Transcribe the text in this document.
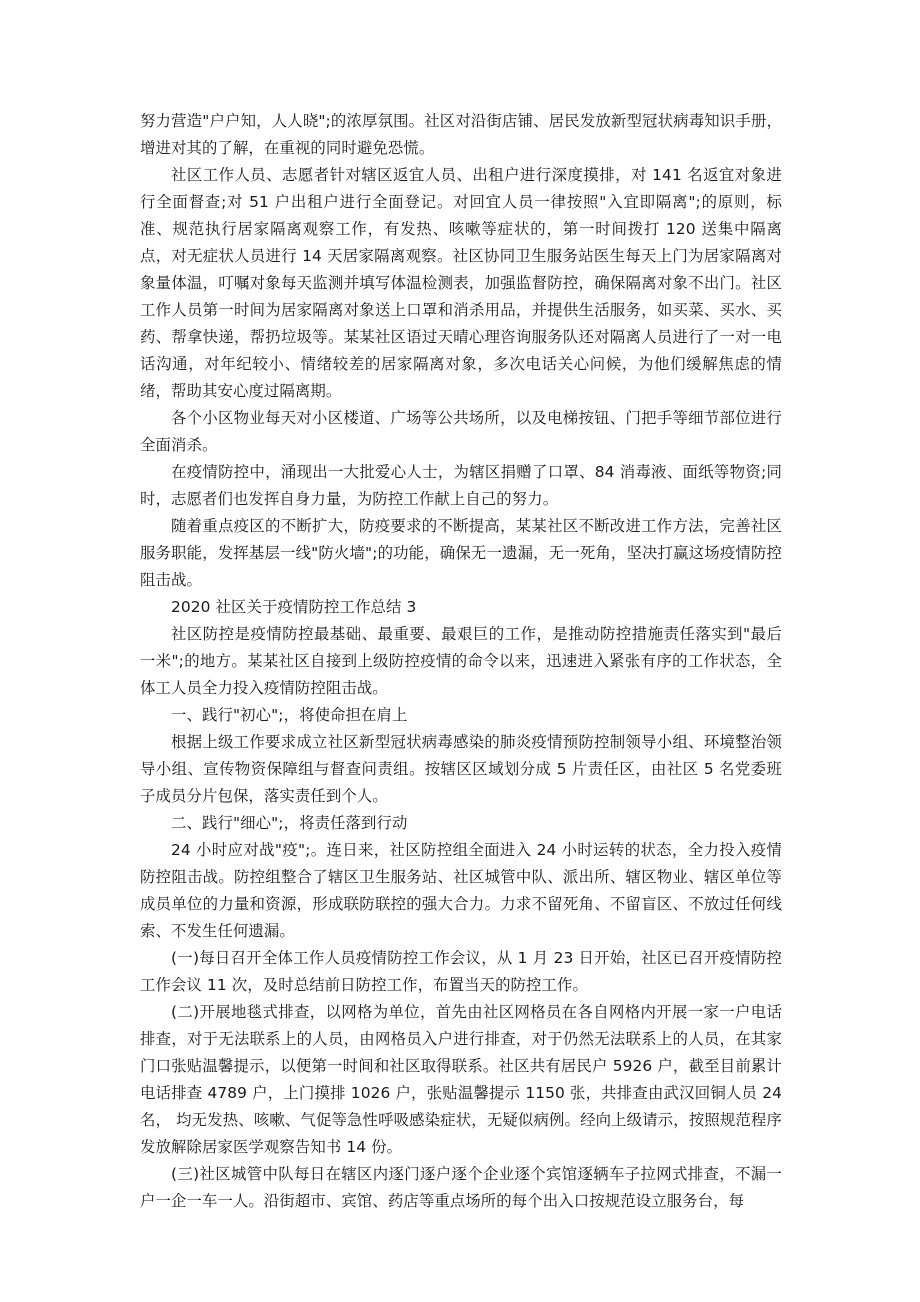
努力营造"户户知，人人晓";的浓厚氛围。社区对沿街店铺、居民发放新型冠状病毒知识手册，增进对其的了解，在重视的同时避免恐慌。

社区工作人员、志愿者针对辖区返宜人员、出租户进行深度摸排，对 141 名返宜对象进行全面督查;对 51 户出租户进行全面登记。对回宜人员一律按照"入宜即隔离";的原则，标准、规范执行居家隔离观察工作，有发热、咳嗽等症状的，第一时间拨打 120 送集中隔离点，对无症状人员进行 14 天居家隔离观察。社区协同卫生服务站医生每天上门为居家隔离对象量体温，叮嘱对象每天监测并填写体温检测表，加强监督防控，确保隔离对象不出门。社区工作人员第一时间为居家隔离对象送上口罩和消杀用品，并提供生活服务，如买菜、买水、买药、帮拿快递，帮扔垃圾等。某某社区语过天晴心理咨询服务队还对隔离人员进行了一对一电话沟通，对年纪较小、情绪较差的居家隔离对象，多次电话关心问候，为他们缓解焦虑的情绪，帮助其安心度过隔离期。

各个小区物业每天对小区楼道、广场等公共场所，以及电梯按钮、门把手等细节部位进行全面消杀。

在疫情防控中，涌现出一大批爱心人士，为辖区捐赠了口罩、84 消毒液、面纸等物资;同时，志愿者们也发挥自身力量，为防控工作献上自己的努力。

随着重点疫区的不断扩大，防疫要求的不断提高，某某社区不断改进工作方法，完善社区服务职能，发挥基层一线"防火墙";的功能，确保无一遗漏，无一死角，坚决打赢这场疫情防控阻击战。

2020 社区关于疫情防控工作总结 3

社区防控是疫情防控最基础、最重要、最艰巨的工作，是推动防控措施责任落实到"最后一米";的地方。某某社区自接到上级防控疫情的命令以来，迅速进入紧张有序的工作状态，全体工人员全力投入疫情防控阻击战。

一、践行"初心";，将使命担在肩上

根据上级工作要求成立社区新型冠状病毒感染的肺炎疫情预防控制领导小组、环境整治领导小组、宣传物资保障组与督查问责组。按辖区区域划分成 5 片责任区，由社区 5 名党委班子成员分片包保，落实责任到个人。

二、践行"细心";，将责任落到行动

24 小时应对战"疫";。连日来，社区防控组全面进入 24 小时运转的状态，全力投入疫情防控阻击战。防控组整合了辖区卫生服务站、社区城管中队、派出所、辖区物业、辖区单位等成员单位的力量和资源，形成联防联控的强大合力。力求不留死角、不留盲区、不放过任何线索、不发生任何遗漏。

(一)每日召开全体工作人员疫情防控工作会议，从 1 月 23 日开始，社区已召开疫情防控工作会议 11 次，及时总结前日防控工作，布置当天的防控工作。

(二)开展地毯式排查，以网格为单位，首先由社区网格员在各自网格内开展一家一户电话排查，对于无法联系上的人员，由网格员入户进行排查，对于仍然无法联系上的人员，在其家门口张贴温馨提示，以便第一时间和社区取得联系。社区共有居民户 5926 户，截至目前累计电话排查 4789 户，上门摸排 1026 户，张贴温馨提示 1150 张，共排查由武汉回铜人员 24 名， 均无发热、咳嗽、气促等急性呼吸感染症状，无疑似病例。经向上级请示，按照规范程序发放解除居家医学观察告知书 14 份。

(三)社区城管中队每日在辖区内逐门逐户逐个企业逐个宾馆逐辆车子拉网式排查，不漏一户一企一车一人。沿街超市、宾馆、药店等重点场所的每个出入口按规范设立服务台，每
